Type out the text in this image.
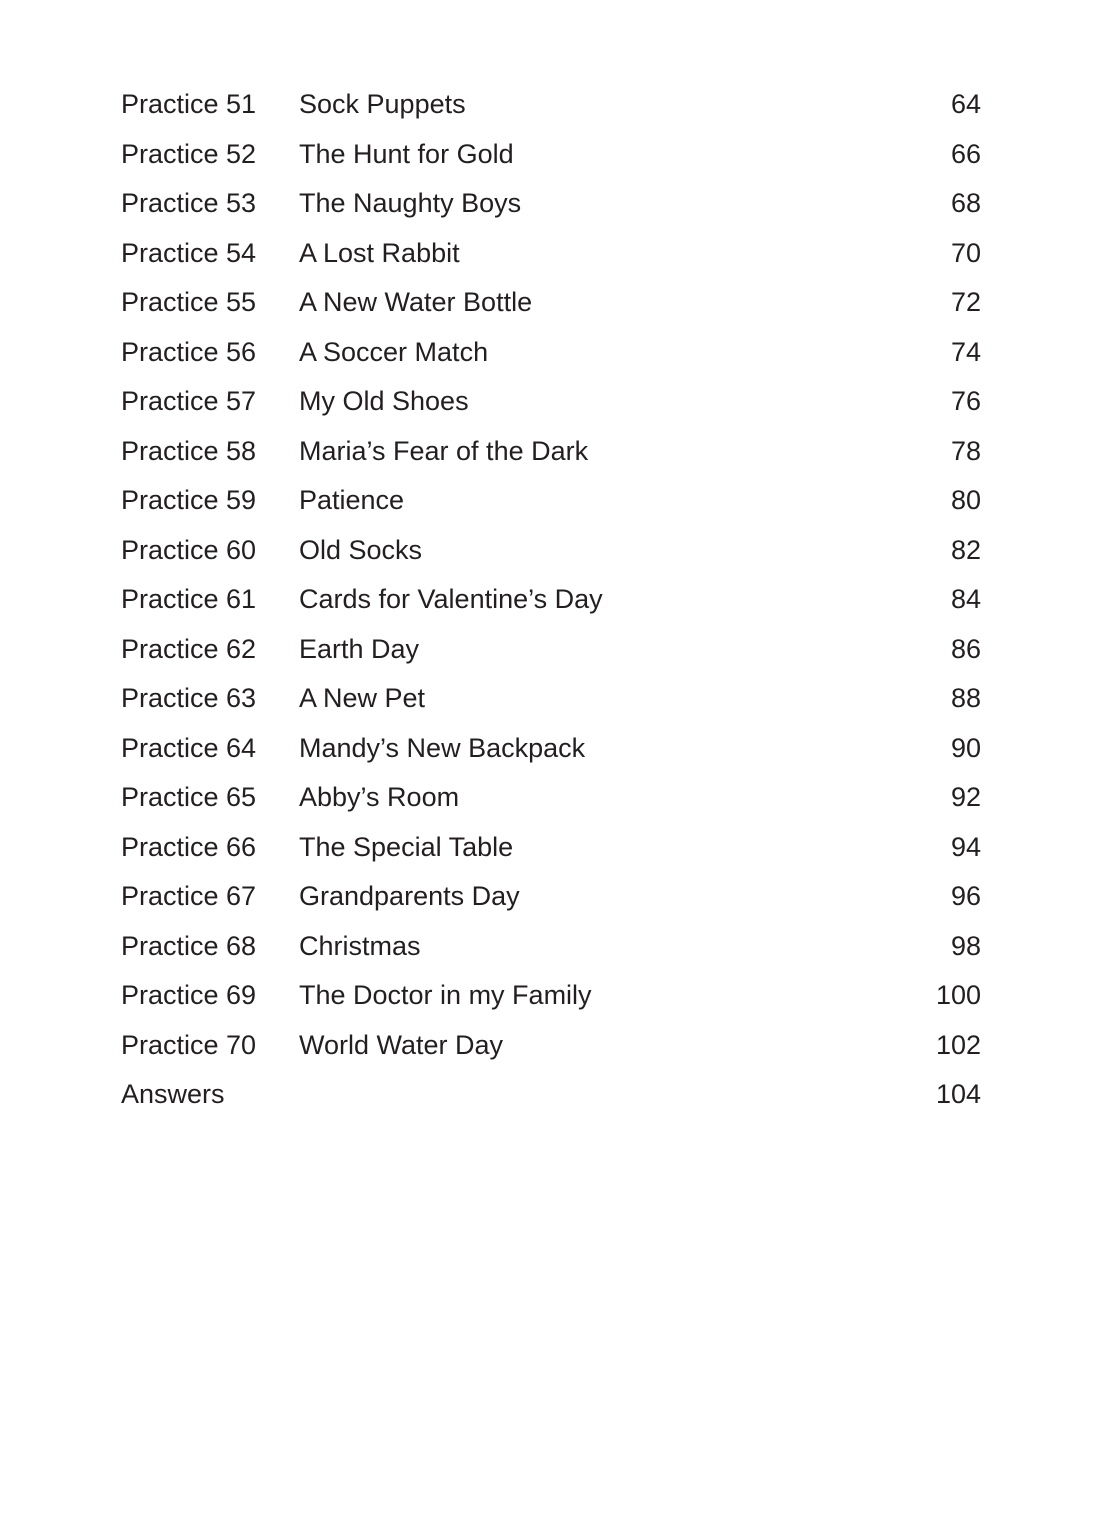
Practice 51 Sock Puppets	64
Practice 52 The Hunt for Gold	66
Practice 53 The Naughty Boys	68
Practice 54 A Lost Rabbit	70
Practice 55 A New Water Bottle	72
Practice 56 A Soccer Match	74
Practice 57 My Old Shoes	76
Practice 58 Maria’s Fear of the Dark	78
Practice 59 Patience	80
Practice 60 Old Socks	82
Practice 61 Cards for Valentine’s Day	84
Practice 62 Earth Day	86
Practice 63 A New Pet	88
Practice 64 Mandy’s New Backpack	90
Practice 65 Abby’s Room	92
Practice 66 The Special Table	94
Practice 67 Grandparents Day	96
Practice 68 Christmas	98
Practice 69 The Doctor in my Family	100
Practice 70 World Water Day	102
Answers	104
